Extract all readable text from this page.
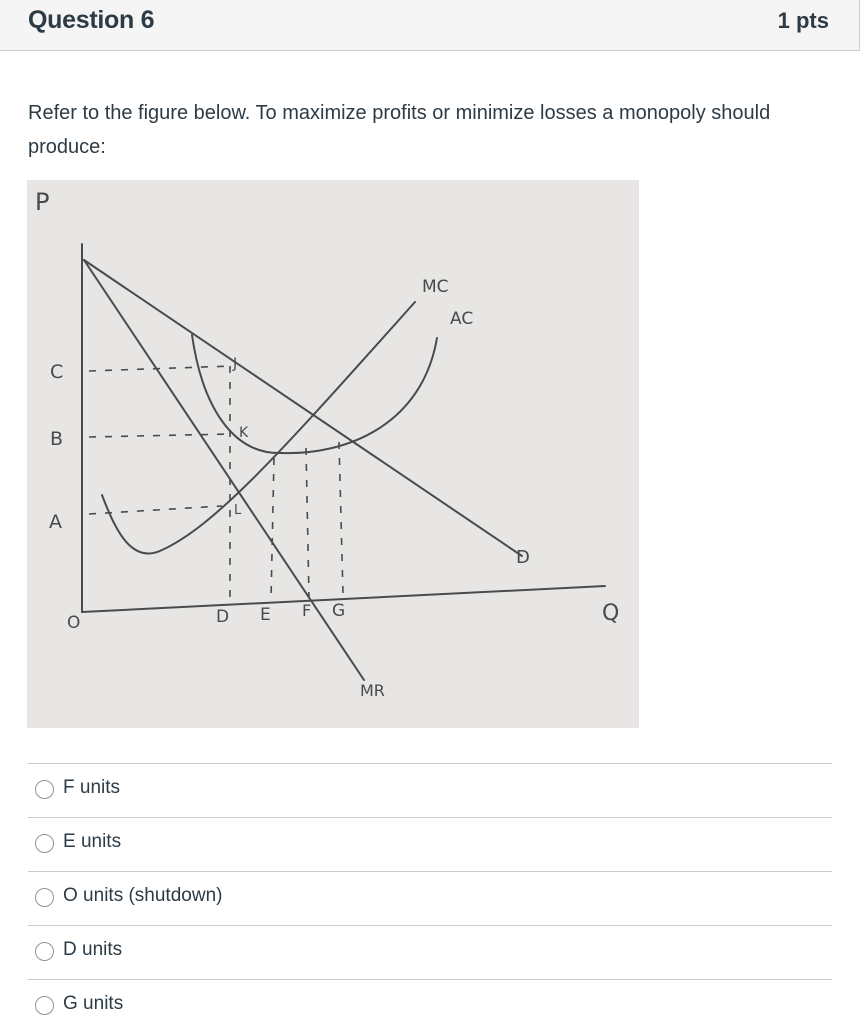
Question 6	1 pts
Refer to the figure below. To maximize profits or minimize losses a monopoly should produce:
P
C
B
A
O	D E F G	Q
MC
AC
D
MR
J
K
L
F units
E units
O units (shutdown)
D units
G units
